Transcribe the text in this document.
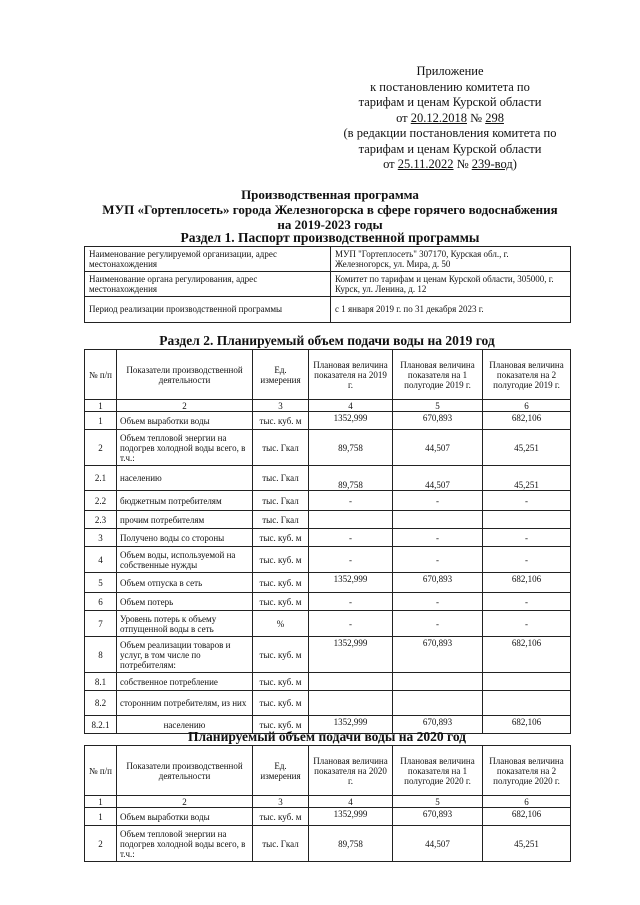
Приложение
к постановлению комитета по
тарифам и ценам Курской области
от 20.12.2018 № 298
(в редакции постановления комитета по
тарифам и ценам Курской области
от 25.11.2022 № 239-вод)
Производственная программа
МУП «Гортеплосеть» города Железногорска в сфере горячего водоснабжения
на 2019-2023 годы
Раздел 1. Паспорт производственной программы
Наименование регулируемой организации, адрес местонахождения	МУП "Гортеплосеть" 307170, Курская обл., г. Железногорск, ул. Мира, д. 50
Наименование органа регулирования, адрес местонахождения	Комитет по тарифам и ценам Курской области, 305000, г. Курск, ул. Ленина, д. 12
Период реализации производственной программы	с 1 января 2019 г. по 31 декабря 2023 г.
Раздел 2. Планируемый объем подачи воды на 2019 год
№ п/п	Показатели производственной деятельности	Ед. измерения	Плановая величина показателя на 2019 г.	Плановая величина показателя на 1 полугодие 2019 г.	Плановая величина показателя на 2 полугодие 2019 г.
1	2	3	4	5	6
1	Объем выработки воды	тыс. куб. м	1352,999	670,893	682,106
2	Объем тепловой энергии на подогрев холодной воды всего, в т.ч.:	тыс. Гкал	89,758	44,507	45,251
2.1	населению	тыс. Гкал	89,758	44,507	45,251
2.2	бюджетным потребителям	тыс. Гкал	-	-	-
2.3	прочим потребителям	тыс. Гкал			
3	Получено воды со стороны	тыс. куб. м	-	-	-
4	Объем воды, используемой на собственные нужды	тыс. куб. м	-	-	-
5	Объем отпуска в сеть	тыс. куб. м	1352,999	670,893	682,106
6	Объем потерь	тыс. куб. м	-	-	-
7	Уровень потерь к объему отпущенной воды в сеть	%	-	-	-
8	Объем реализации товаров и услуг, в том числе по потребителям:	тыс. куб. м	1352,999	670,893	682,106
8.1	собственное потребление	тыс. куб. м			
8.2	сторонним потребителям, из них	тыс. куб. м			
8.2.1	населению	тыс. куб. м	1352,999	670,893	682,106
Планируемый объем подачи воды на 2020 год
№ п/п	Показатели производственной деятельности	Ед. измерения	Плановая величина показателя на 2020 г.	Плановая величина показателя на 1 полугодие 2020 г.	Плановая величина показателя на 2 полугодие 2020 г.
1	2	3	4	5	6
1	Объем выработки воды	тыс. куб. м	1352,999	670,893	682,106
2	Объем тепловой энергии на подогрев холодной воды всего, в т.ч.:	тыс. Гкал	89,758	44,507	45,251
